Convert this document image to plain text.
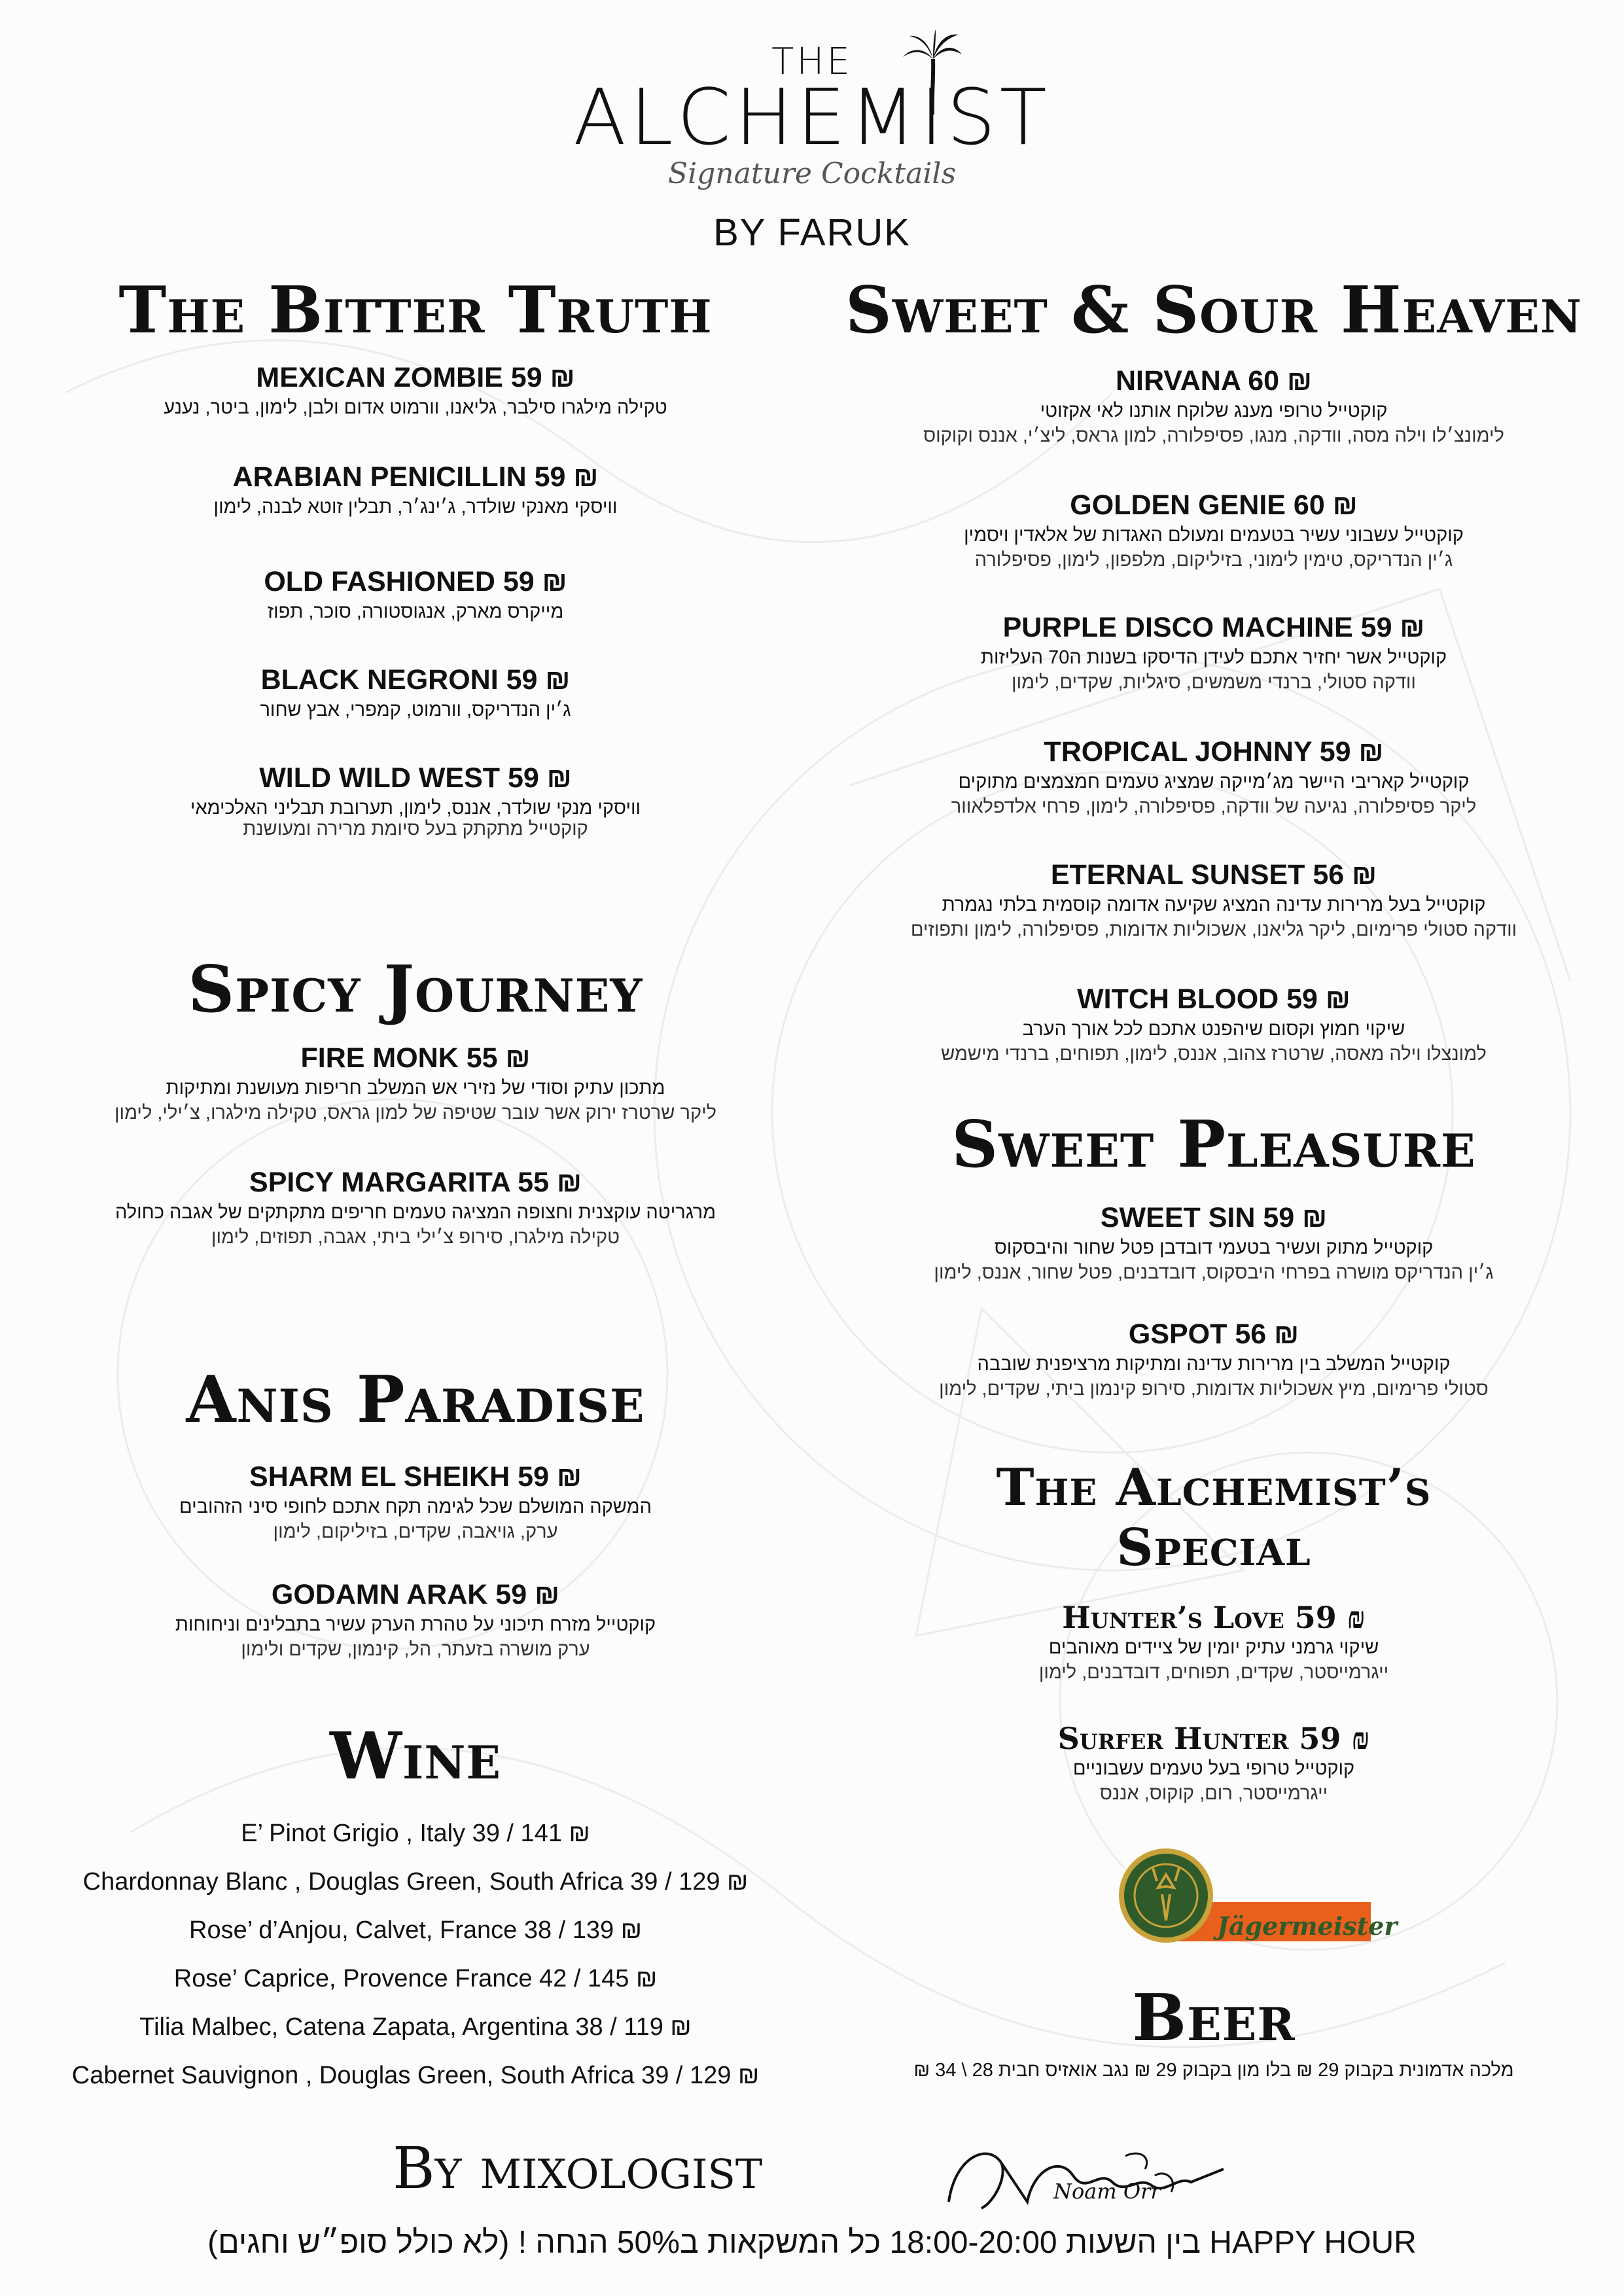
THE
ALCHEMIST
Signature Cocktails
BY FARUK
The Bitter Truth
MEXICAN ZOMBIE 59 ₪
טקילה מילגרו סילבר, גליאנו, וורמוט אדום ולבן, לימון, ביטר, נענע
ARABIAN PENICILLIN 59 ₪
וויסקי מאנקי שולדר, ג׳ינג׳ר, תבלין זוטא לבנה, לימון
OLD FASHIONED 59 ₪
מייקרס מארק, אנגוסטורה, סוכר, תפוז
BLACK NEGRONI 59 ₪
ג׳ין הנדריקס, וורמוט, קמפרי, אבץ שחור
WILD WILD WEST 59 ₪
וויסקי מנקי שולדר, אננס, לימון, תערובת תבליני האלכימאי
קוקטייל מתקתק בעל סיומת מרירה ומעושנת
Spicy Journey
FIRE MONK 55 ₪
מתכון עתיק וסודי של נזירי אש המשלב חריפות מעושנת ומתיקות
ליקר שרטרז ירוק אשר עובר שטיפה של למון גראס, טקילה מילגרו, צ׳ילי, לימון
SPICY MARGARITA 55 ₪
מרגריטה עוקצנית וחצופה המציגה טעמים חריפים מתקתקים של אגבה כחולה
טקילה מילגרו, סירופ צ׳ילי ביתי, אגבה, תפוזים, לימון
Anis Paradise
SHARM EL SHEIKH 59 ₪
המשקה המושלם שכל לגימה תקח אתכם לחופי סיני הזהובים
ערק, גויאבה, שקדים, בזיליקום, לימון
GODAMN ARAK 59 ₪
קוקטייל מזרח תיכוני על טהרת הערק עשיר בתבלינים וניחוחות
ערק מושרה בזעתר, הל, קינמון, שקדים ולימון
Wine
E’ Pinot Grigio , Italy 39 / 141 ₪
Chardonnay Blanc , Douglas Green, South Africa 39 / 129 ₪
Rose’ d’Anjou, Calvet, France 38 / 139 ₪
Rose’ Caprice, Provence France 42 / 145 ₪
Tilia Malbec, Catena Zapata, Argentina 38 / 119 ₪
Cabernet Sauvignon , Douglas Green, South Africa 39 / 129 ₪
Sweet & Sour Heaven
NIRVANA 60 ₪
קוקטייל טרופי מענג שלוקח אותנו לאי אקזוטי
לימונצ׳לו וילה מסה, וודקה, מנגו, פסיפלורה, למון גראס, ליצ׳י, אננס וקוקוס
GOLDEN GENIE 60 ₪
קוקטייל עשבוני עשיר בטעמים ומעולם האגדות של אלאדין ויסמין
ג׳ין הנדריקס, טימין לימוני, בזיליקום, מלפפון, לימון, פסיפלורה
PURPLE DISCO MACHINE 59 ₪
קוקטייל אשר יחזיר אתכם לעידן הדיסקו בשנות ה70 העליזות
וודקה סטולי, ברנדי משמשים, סיגליות, שקדים, לימון
TROPICAL JOHNNY 59 ₪
קוקטייל קאריבי היישר מג׳מייקה שמציג טעמים חמצמצים מתוקים
ליקר פסיפלורה, נגיעה של וודקה, פסיפלורה, לימון, פרחי אלדפלאוור
ETERNAL SUNSET 56 ₪
קוקטייל בעל מרירות עדינה המציג שקיעה אדומה קוסמית בלתי נגמרת
וודקה סטולי פרימיום, ליקר גליאנו, אשכוליות אדומות, פסיפלורה, לימון ותפוזים
WITCH BLOOD 59 ₪
שיקוי חמוץ וקסום שיהפנט אתכם לכל אורך הערב
למונצלו וילה מאסה, שרטרז צהוב, אננס, לימון, תפוחים, ברנדי מישמש
Sweet Pleasure
SWEET SIN 59 ₪
קוקטייל מתוק ועשיר בטעמי דובדבן פטל שחור והיבסקוס
ג׳ין הנדריקס מושרה בפרחי היבסקוס, דובדבנים, פטל שחור, אננס, לימון
GSPOT 56 ₪
קוקטייל המשלב בין מרירות עדינה ומתיקות מרציפנית שובבה
סטולי פרימיום, מיץ אשכוליות אדומות, סירופ קינמון ביתי, שקדים, לימון
The Alchemist’s
Special
Hunter’s Love 59 ₪
שיקוי גרמני עתיק יומין של ציידים מאוהבים
ייגרמייסטר, שקדים, תפוחים, דובדבנים, לימון
Surfer Hunter 59 ₪
קוקטייל טרופי בעל טעמים עשבוניים
ייגרמייסטר, רום, קוקוס, אננס
Jägermeister
Beer
מלכה אדמונית בקבוק 29 ₪ בלו מון בקבוק 29 ₪ נגב אואזיס חבית 28 \ 34 ₪
By mixologist	Noam Orr
HAPPY HOUR בין השעות 18:00-20:00 כל המשקאות ב50% הנחה ! (לא כולל סופ״ש וחגים)
